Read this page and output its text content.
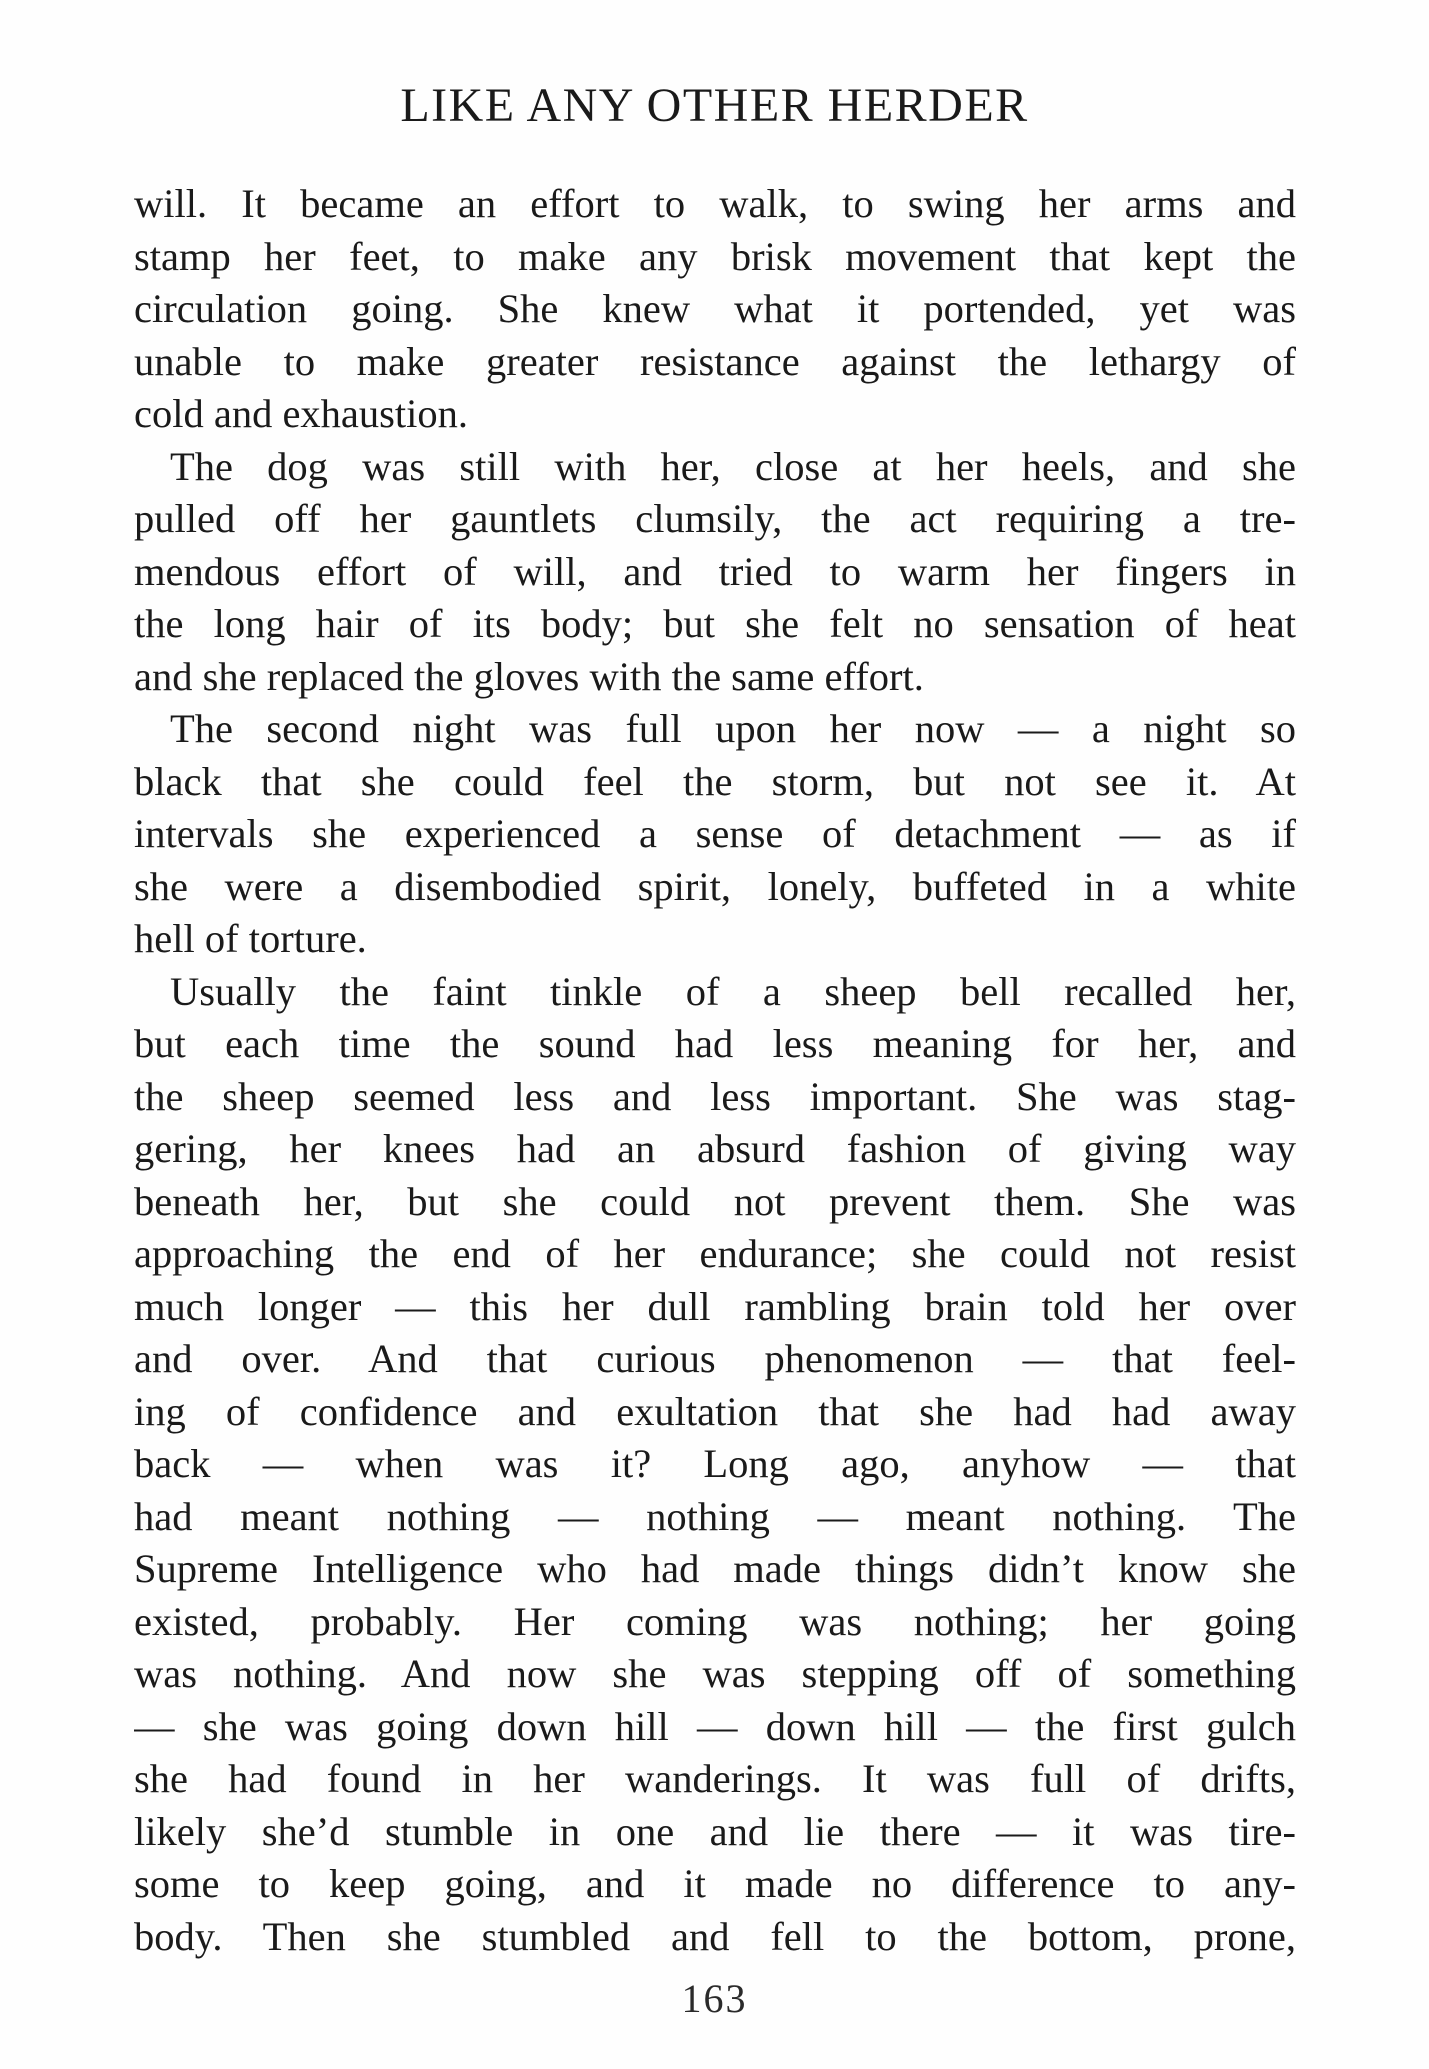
LIKE ANY OTHER HERDER
will. It became an effort to walk, to swing her arms and
stamp her feet, to make any brisk movement that kept the
circulation going. She knew what it portended, yet was
unable to make greater resistance against the lethargy of
cold and exhaustion.
The dog was still with her, close at her heels, and she
pulled off her gauntlets clumsily, the act requiring a tre-
mendous effort of will, and tried to warm her fingers in
the long hair of its body; but she felt no sensation of heat
and she replaced the gloves with the same effort.
The second night was full upon her now — a night so
black that she could feel the storm, but not see it. At
intervals she experienced a sense of detachment — as if
she were a disembodied spirit, lonely, buffeted in a white
hell of torture.
Usually the faint tinkle of a sheep bell recalled her,
but each time the sound had less meaning for her, and
the sheep seemed less and less important. She was stag-
gering, her knees had an absurd fashion of giving way
beneath her, but she could not prevent them. She was
approaching the end of her endurance; she could not resist
much longer — this her dull rambling brain told her over
and over. And that curious phenomenon — that feel-
ing of confidence and exultation that she had had away
back — when was it? Long ago, anyhow — that
had meant nothing — nothing — meant nothing. The
Supreme Intelligence who had made things didn’t know she
existed, probably. Her coming was nothing; her going
was nothing. And now she was stepping off of something
— she was going down hill — down hill — the first gulch
she had found in her wanderings. It was full of drifts,
likely she’d stumble in one and lie there — it was tire-
some to keep going, and it made no difference to any-
body. Then she stumbled and fell to the bottom, prone,
163
